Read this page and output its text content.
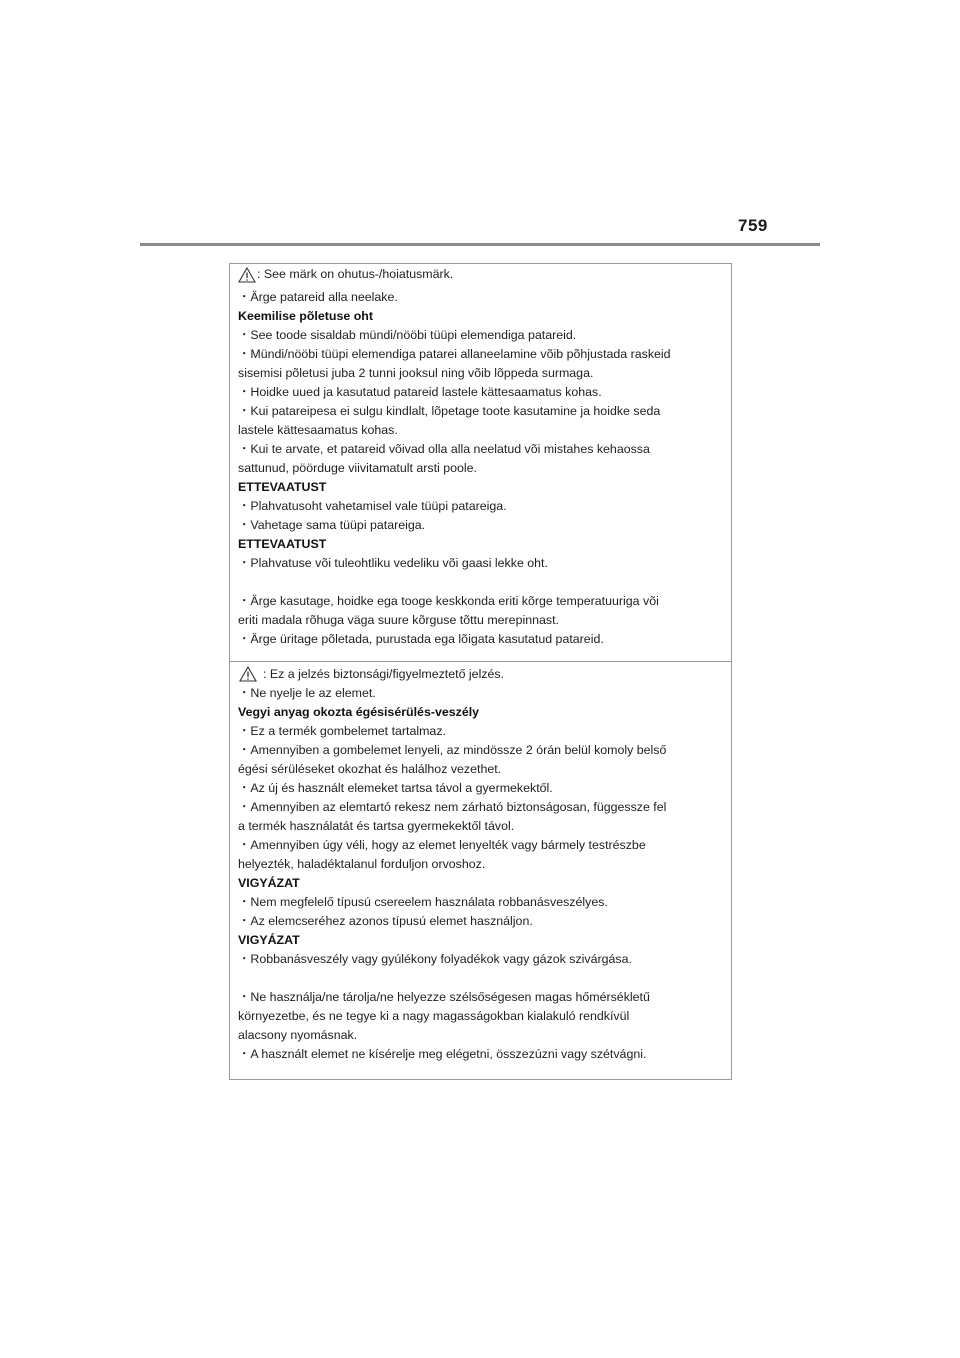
759
: See märk on ohutus-/hoiatusmärk.
・Ärge patareid alla neelake.
Keemilise põletuse oht
・See toode sisaldab mündi/nööbi tüüpi elemendiga patareid.
・Mündi/nööbi tüüpi elemendiga patarei allaneelamine võib põhjustada raskeid
sisemisi põletusi juba 2 tunni jooksul ning võib lõppeda surmaga.
・Hoidke uued ja kasutatud patareid lastele kättesaamatus kohas.
・Kui patareipesa ei sulgu kindlalt, lõpetage toote kasutamine ja hoidke seda
lastele kättesaamatus kohas.
・Kui te arvate, et patareid võivad olla alla neelatud või mistahes kehaossa
sattunud, pöörduge viivitamatult arsti poole.
ETTEVAATUST
・Plahvatusoht vahetamisel vale tüüpi patareiga.
・Vahetage sama tüüpi patareiga.
ETTEVAATUST
・Plahvatuse või tuleohtliku vedeliku või gaasi lekke oht.
・Ärge kasutage, hoidke ega tooge keskkonda eriti kõrge temperatuuriga või
eriti madala rõhuga väga suure kõrguse tõttu merepinnast.
・Ärge üritage põletada, purustada ega lõigata kasutatud patareid.
: Ez a jelzés biztonsági/figyelmeztető jelzés.
・Ne nyelje le az elemet.
Vegyi anyag okozta égésisérülés-veszély
・Ez a termék gombelemet tartalmaz.
・Amennyiben a gombelemet lenyeli, az mindössze 2 órán belül komoly belső
égési sérüléseket okozhat és halálhoz vezethet.
・Az új és használt elemeket tartsa távol a gyermekektől.
・Amennyiben az elemtartó rekesz nem zárható biztonságosan, függessze fel
a termék használatát és tartsa gyermekektől távol.
・Amennyiben úgy véli, hogy az elemet lenyelték vagy bármely testrészbe
helyezték, haladéktalanul forduljon orvoshoz.
VIGYÁZAT
・Nem megfelelő típusú csereelem használata robbanásveszélyes.
・Az elemcseréhez azonos típusú elemet használjon.
VIGYÁZAT
・Robbanásveszély vagy gyúlékony folyadékok vagy gázok szivárgása.
・Ne használja/ne tárolja/ne helyezze szélsőségesen magas hőmérsékletű
környezetbe, és ne tegye ki a nagy magasságokban kialakuló rendkívül
alacsony nyomásnak.
・A használt elemet ne kísérelje meg elégetni, összezúzni vagy szétvágni.
